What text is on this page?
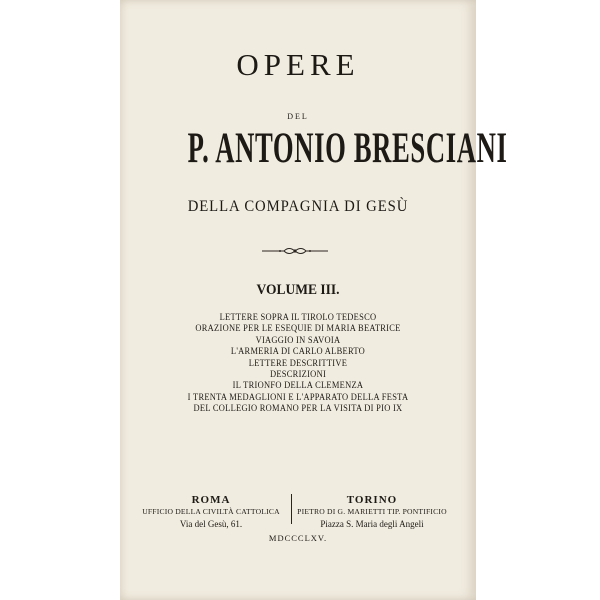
OPERE
DEL
P. ANTONIO BRESCIANI
DELLA COMPAGNIA DI GESÙ
VOLUME III.
LETTERE SOPRA IL TIROLO TEDESCO
ORAZIONE PER LE ESEQUIE DI MARIA BEATRICE
VIAGGIO IN SAVOIA
L'ARMERIA DI CARLO ALBERTO
LETTERE DESCRITTIVE
DESCRIZIONI
IL TRIONFO DELLA CLEMENZA
I TRENTA MEDAGLIONI E L'APPARATO DELLA FESTA
DEL COLLEGIO ROMANO PER LA VISITA DI PIO IX
ROMA
UFFICIO DELLA CIVILTÀ CATTOLICA
Via del Gesù, 61.
TORINO
PIETRO DI G. MARIETTI TIP. PONTIFICIO
Piazza S. Maria degli Angeli
MDCCCLXV.
